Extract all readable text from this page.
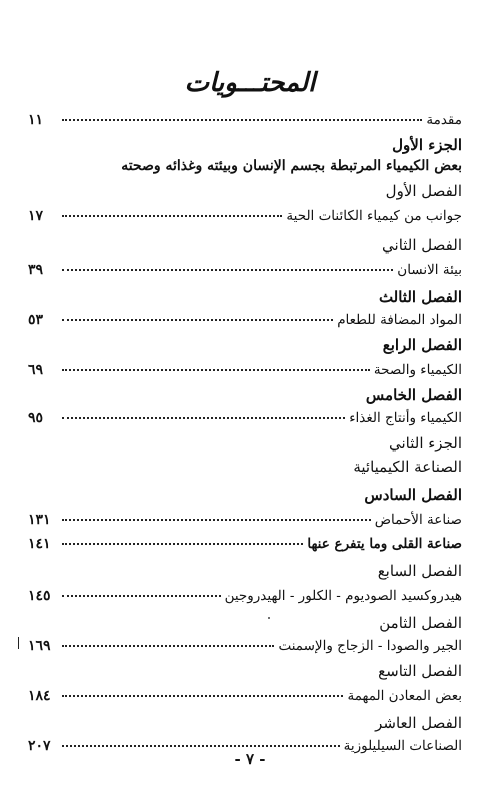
المحتـــويات
مقدمة
١١
الجزء الأول
بعض الكيمياء المرتبطة بجسم الإنسان وبيئته وغذائه وصحته
الفصل الأول
جوانب من كيمياء الكائنات الحية
١٧
الفصل الثاني
بيئة الانسان
٣٩
الفصل الثالث
المواد المضافة للطعام
٥٣
الفصل الرابع
الكيمياء والصحة
٦٩
الفصل الخامس
الكيمياء وأنتاج الغذاء
٩٥
الجزء الثاني
الصناعة الكيميائية
الفصل السادس
صناعة الأحماض
١٣١
صناعة القلى وما يتفرع عنها
١٤١
الفصل السابع
هيدروكسيد الصوديوم - الكلور - الهيدروجين
١٤٥
الفصل الثامن
الجير والصودا - الزجاج والإسمنت
١٦٩
الفصل التاسع
بعض المعادن المهمة
١٨٤
الفصل العاشر
الصناعات السيليلوزية
٢٠٧
- ٧ -
